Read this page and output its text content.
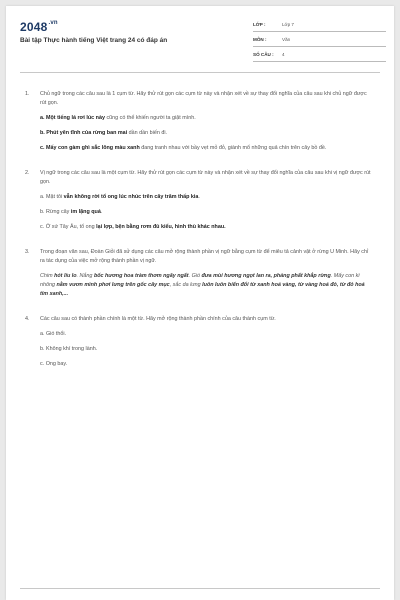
$2048^{.vn}$
Bài tập Thực hành tiếng Việt trang 24 có đáp án
LỚP :	Lớp 7
MÔN :	Văn
SỐ CÂU :	4
1. Chủ ngữ trong các câu sau là 1 cụm từ. Hãy thử rút gọn các cụm từ này và nhận xét về sự thay đổi nghĩa của câu sau khi chủ ngữ được rút gọn.
a. Một tiếng lá rơi lúc này cũng có thể khiến người ta giật mình.
b. Phút yên tĩnh của rừng ban mai dần dần biến đi.
c. Mấy con gàm ghì sắc lông màu xanh đang tranh nhau với bầy vẹt mỏ đỏ, giành mổ những quả chín trên cây bồ đề.
2. Vị ngữ trong các câu sau là một cụm từ. Hãy thử rút gọn các cụm từ này và nhận xét về sự thay đổi nghĩa của câu sau khi vị ngữ được rút gọn.
a. Mặt tôi vẫn không rời tổ ong lúc nhúc trên cây trâm thấp kia.
b. Rừng cây im lặng quá.
c. Ở xứ Tây Âu, tổ ong lại lợp, bện bằng rơm đủ kiểu, hình thù khác nhau.
3. Trong đoạn văn sau, Đoàn Giỏi đã sử dụng các câu mở rộng thành phần vị ngữ bằng cụm từ để miêu tả cảnh vật ở rừng U Minh. Hãy chỉ ra tác dụng của việc mở rộng thành phần vị ngữ.
Chim hót líu lo. Nắng bốc hương hoa tràm thơm ngây ngất. Gió đưa mùi hương ngọt lan ra, phảng phất khắp rừng. Mấy con kì nhông nằm vươn mình phơi lưng trên gốc cây mục, sắc da lưng luôn luôn biến đổi từ xanh hoá vàng, từ vàng hoá đỏ, từ đỏ hoá tím xanh,...
4. Các câu sau có thành phần chính là một từ. Hãy mở rộng thành phần chính của câu thành cụm từ.
a. Gió thổi.
b. Không khí trong lành.
c. Ong bay.
